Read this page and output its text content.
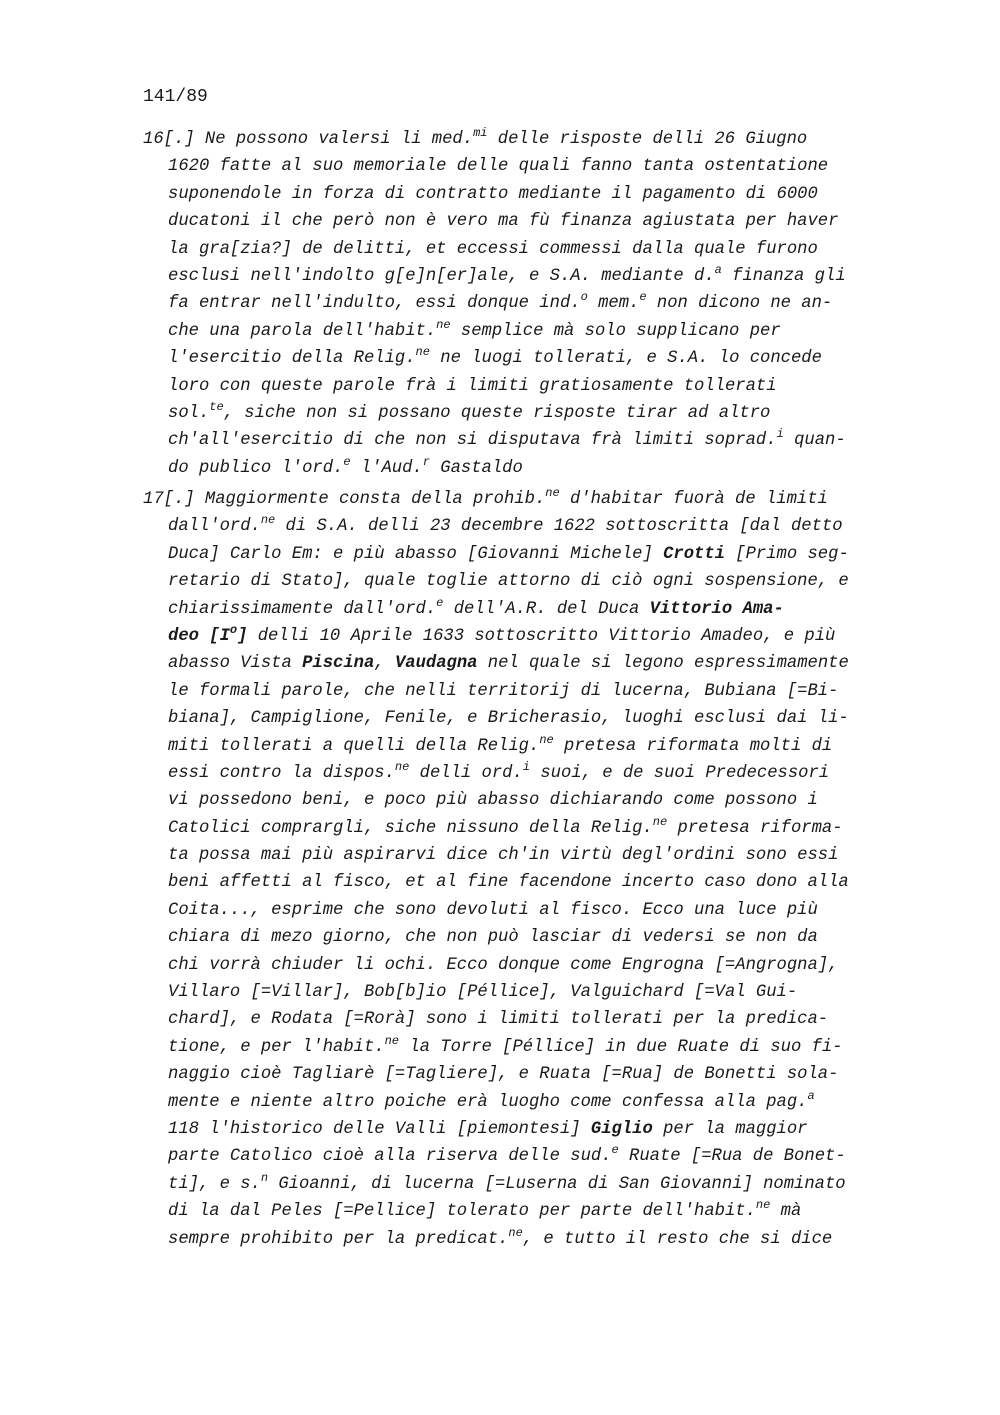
141/89

16[.] Ne possono valersi li med.$^{mi}$ delle risposte delli 26 Giugno
1620 fatte al suo memoriale delle quali fanno tanta ostentatione
suponendole in forza di contratto mediante il pagamento di 6000
ducatoni il che però non è vero ma fù finanza agiustata per haver
la gra[zia?] de delitti, et eccessi commessi dalla quale furono
esclusi nell'indolto g[e]n[er]ale, e S.A. mediante d.$^a$ finanza gli
fa entrar nell'indulto, essi donque ind.$^o$ mem.$^e$ non dicono ne an-
che una parola dell'habit.$^{ne}$ semplice mà solo supplicano per
l'esercitio della Relig.$^{ne}$ ne luogi tollerati, e S.A. lo concede
loro con queste parole frà i limiti gratiosamente tollerati
sol.$^{te}$, siche non si possano queste risposte tirar ad altro
ch'all'esercitio di che non si disputava frà limiti soprad.$^i$ quan-
do publico l'ord.$^e$ l'Aud.$^r$ Gastaldo
17[.] Maggiormente consta della prohib.$^{ne}$ d'habitar fuorà de limiti
dall'ord.$^{ne}$ di S.A. delli 23 decembre 1622 sottoscritta [dal detto
Duca] Carlo Em: e più abasso [Giovanni Michele] Crotti [Primo seg-
retario di Stato], quale toglie attorno di ciò ogni sospensione, e
chiarissimamente dall'ord.$^e$ dell'A.R. del Duca Vittorio Ama-
deo $[I^o]$ delli 10 Aprile 1633 sottoscritto Vittorio Amadeo, e più
abasso Vista Piscina, Vaudagna nel quale si legono espressimamente
le formali parole, che nelli territorij di lucerna, Bubiana [=Bi-
biana], Campiglione, Fenile, e Bricherasio, luoghi esclusi dai li-
miti tollerati a quelli della Relig.$^{ne}$ pretesa riformata molti di
essi contro la dispos.$^{ne}$ delli ord.$^i$ suoi, e de suoi Predecessori
vi possedono beni, e poco più abasso dichiarando come possono i
Catolici comprargli, siche nissuno della Relig.$^{ne}$ pretesa riforma-
ta possa mai più aspirarvi dice ch'in virtù degl'ordini sono essi
beni affetti al fisco, et al fine facendone incerto caso dono alla
Coita..., esprime che sono devoluti al fisco. Ecco una luce più
chiara di mezo giorno, che non può lasciar di vedersi se non da
chi vorrà chiuder li ochi. Ecco donque come Engrogna [=Angrogna],
Villaro [=Villar], Bob[b]io [Péllice], Valguichard [=Val Gui-
chard], e Rodata [=Rorà] sono i limiti tollerati per la predica-
tione, e per l'habit.$^{ne}$ la Torre [Péllice] in due Ruate di suo fi-
naggio cioè Tagliarè [=Tagliere], e Ruata [=Rua] de Bonetti sola-
mente e niente altro poiche erà luogho come confessa alla pag.$^a$
118 l'historico delle Valli [piemontesi] Giglio per la maggior
parte Catolico cioè alla riserva delle sud.$^e$ Ruate [=Rua de Bonet-
ti], e s.$^n$ Gioanni, di lucerna [=Luserna di San Giovanni] nominato
di la dal Peles [=Pellice] tolerato per parte dell'habit.$^{ne}$ mà
sempre prohibito per la predicat.$^{ne}$, e tutto il resto che si dice
